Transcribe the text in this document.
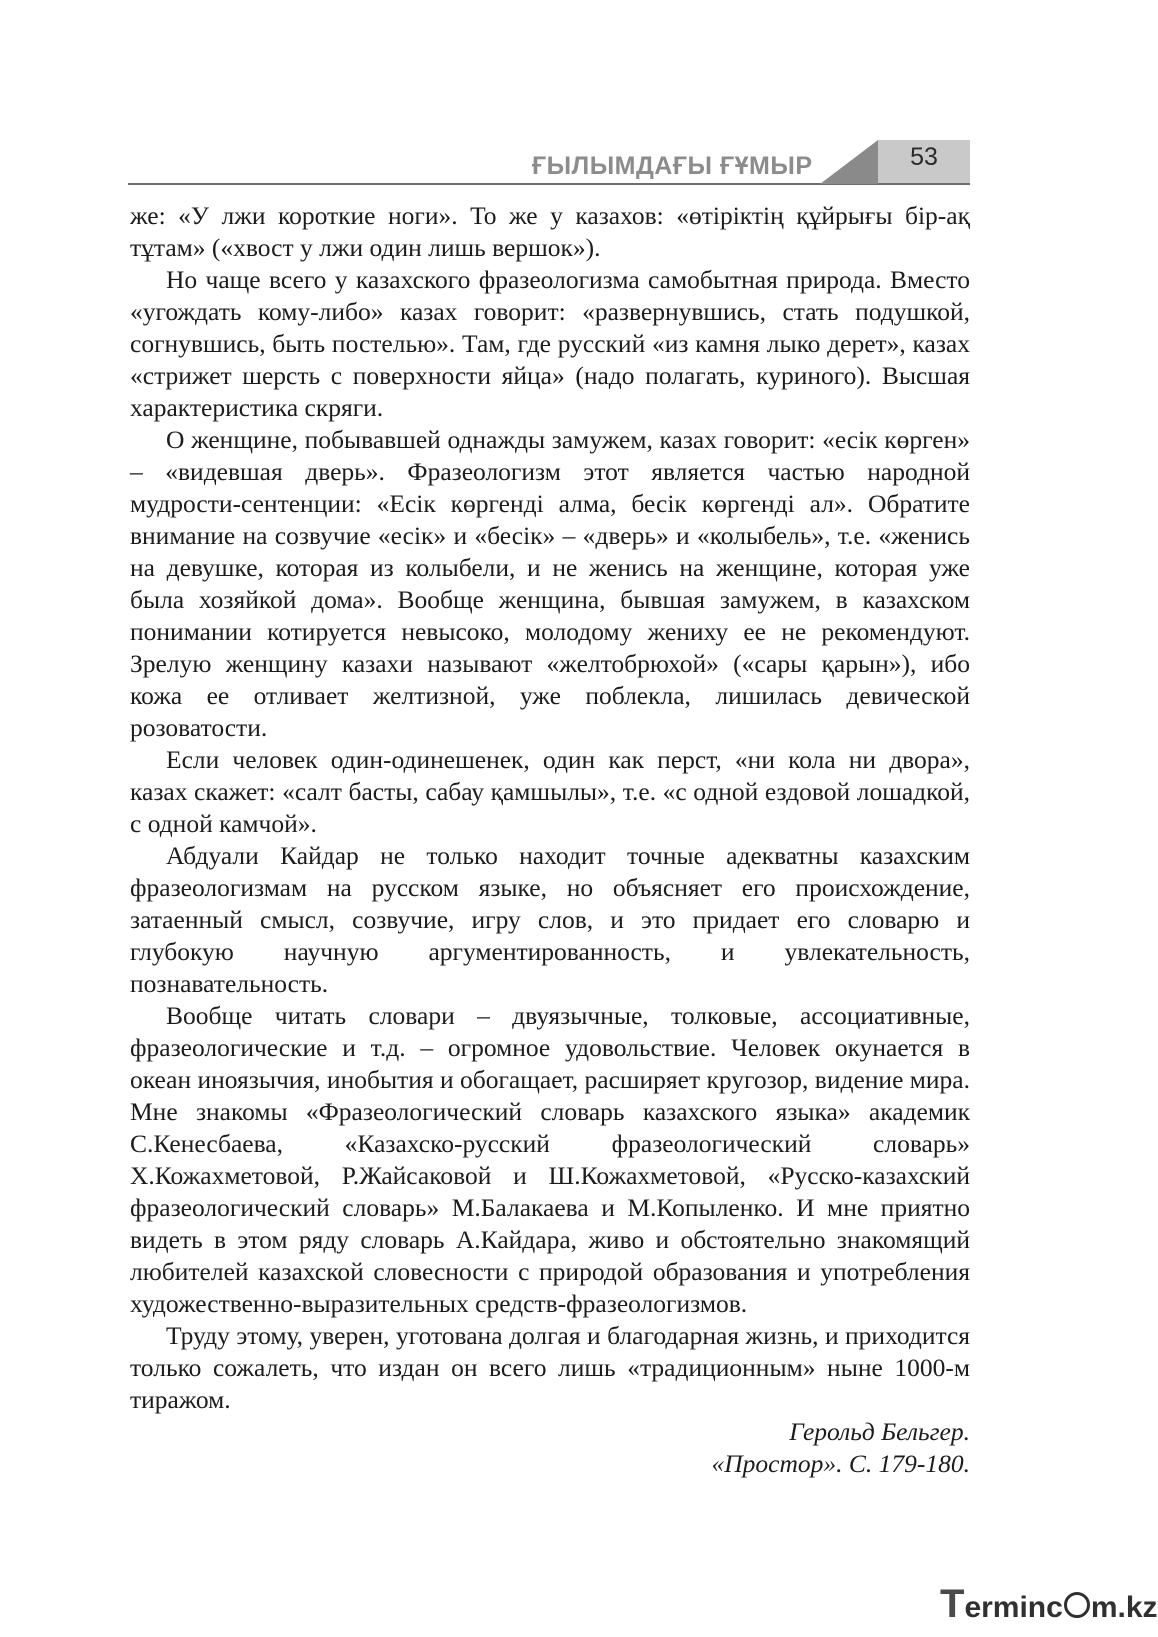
ҒЫЛЫМДАҒЫ ҒҰМЫР	53

же: «У лжи короткие ноги». То же у казахов: «өтіріктің құйрығы бір-ақ тұтам» («хвост у лжи один лишь вершок»).

Но чаще всего у казахского фразеологизма самобытная природа. Вместо «угождать кому-либо» казах говорит: «развернувшись, стать подушкой, согнувшись, быть постелью». Там, где русский «из камня лыко дерет», казах «стрижет шерсть с поверхности яйца» (надо полагать, куриного). Высшая характеристика скряги.

О женщине, побывавшей однажды замужем, казах говорит: «есік көрген» – «видевшая дверь». Фразеологизм этот является частью народной мудрости-сентенции: «Есік көргенді алма, бесік көргенді ал». Обратите внимание на созвучие «есік» и «бесік» – «дверь» и «колыбель», т.е. «женись на девушке, которая из колыбели, и не женись на женщине, которая уже была хозяйкой дома». Вообще женщина, бывшая замужем, в казахском понимании котируется невысоко, молодому жениху ее не рекомендуют. Зрелую женщину казахи называют «желтобрюхой» («сары қарын»), ибо кожа ее отливает желтизной, уже поблекла, лишилась девической розоватости.

Если человек один-одинешенек, один как перст, «ни кола ни двора», казах скажет: «салт басты, сабау қамшылы», т.е. «с одной ездовой лошадкой, с одной камчой».

Абдуали Кайдар не только находит точные адекватны казахским фразеологизмам на русском языке, но объясняет его происхождение, затаенный смысл, созвучие, игру слов, и это придает его словарю и глубокую научную аргументированность, и увлекательность, познавательность.

Вообще читать словари – двуязычные, толковые, ассоциативные, фразеологические и т.д. – огромное удовольствие. Человек окунается в океан иноязычия, инобытия и обогащает, расширяет кругозор, видение мира. Мне знакомы «Фразеологический словарь казахского языка» академик С.Кенесбаева, «Казахско-русский фразеологический словарь» Х.Кожахметовой, Р.Жайсаковой и Ш.Кожахметовой, «Русско-казахский фразеологический словарь» М.Балакаева и М.Копыленко. И мне приятно видеть в этом ряду словарь А.Кайдара, живо и обстоятельно знакомящий любителей казахской словесности с природой образования и употребления художественно-выразительных средств-фразеологизмов.

Труду этому, уверен, уготована долгая и благодарная жизнь, и приходится только сожалеть, что издан он всего лишь «традиционным» ныне 1000-м тиражом.

Герольд Бельгер.

«Простор». С. 179-180.

Terminc m.kz
